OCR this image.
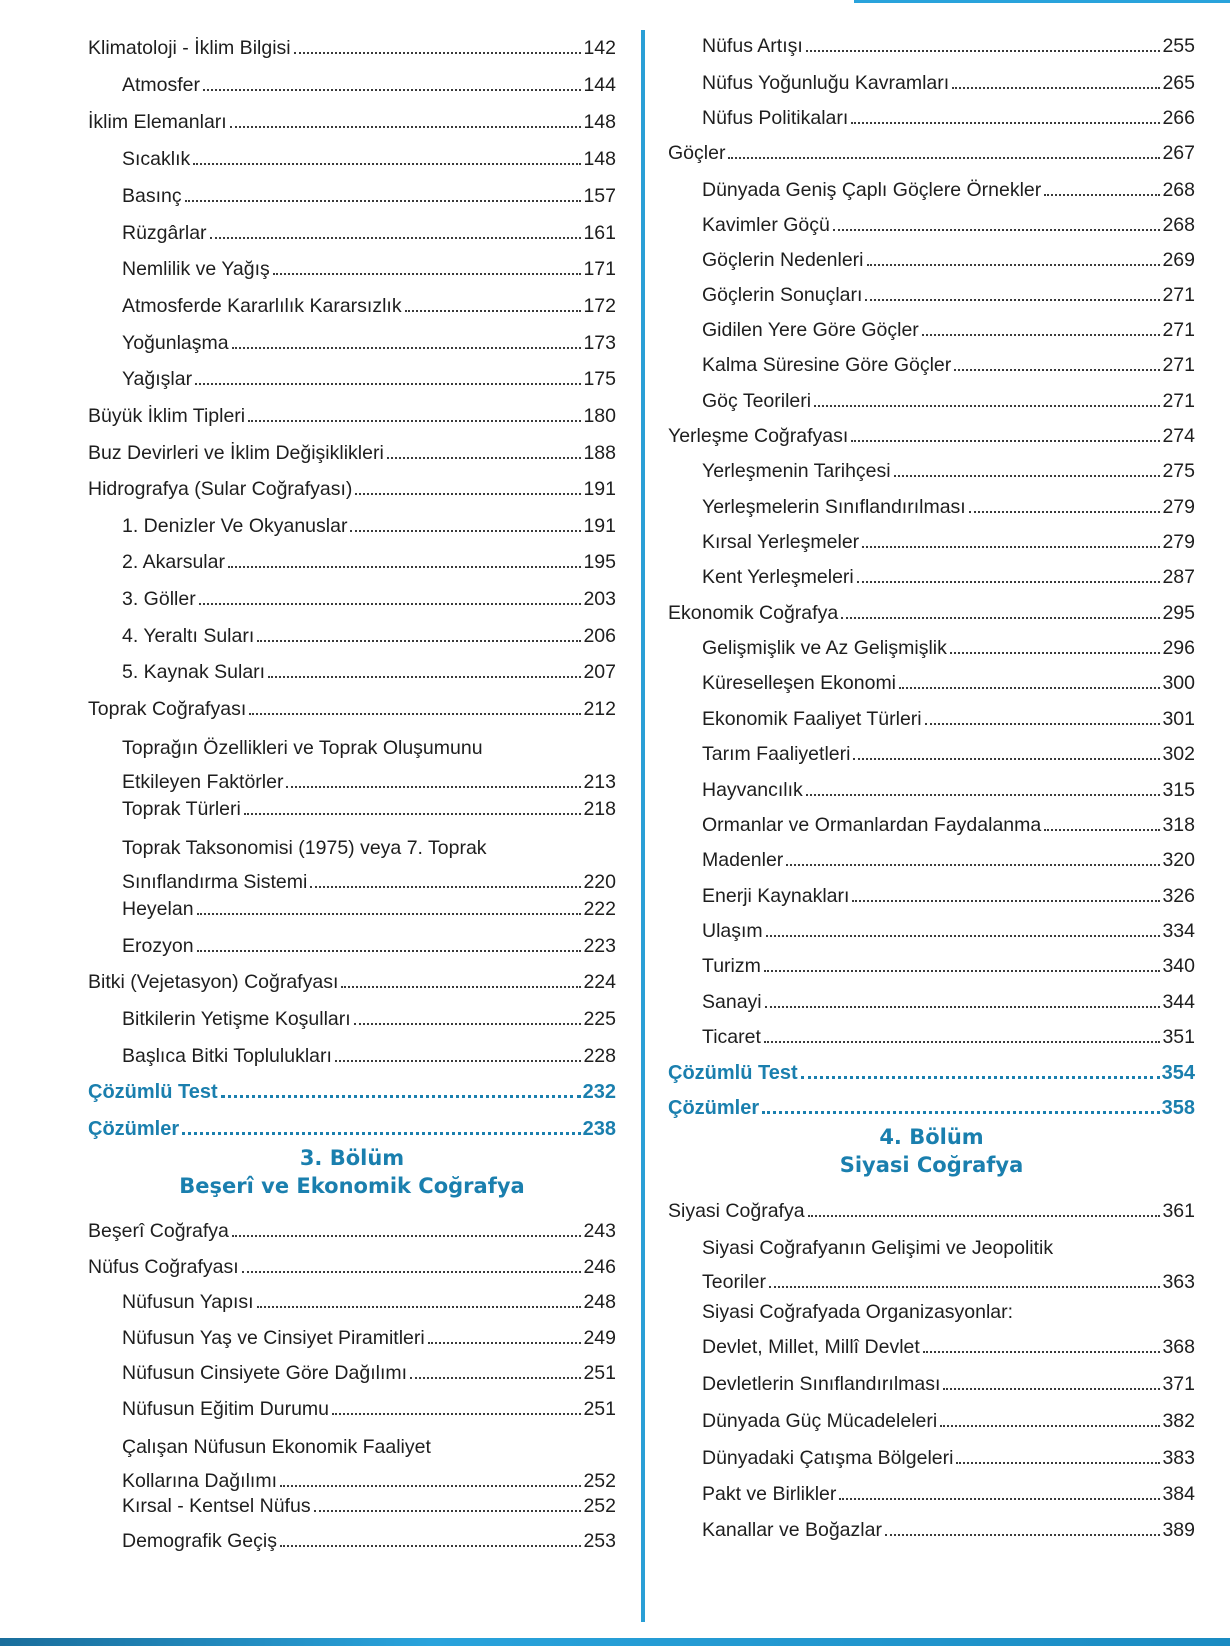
Klimatoloji - İklim Bilgisi	142
Atmosfer	144
İklim Elemanları	148
Sıcaklık	148
Basınç	157
Rüzgârlar	161
Nemlilik ve Yağış	171
Atmosferde Kararlılık Kararsızlık	172
Yoğunlaşma	173
Yağışlar	175
Büyük İklim Tipleri	180
Buz Devirleri ve İklim Değişiklikleri	188
Hidrografya (Sular Coğrafyası)	191
1. Denizler Ve Okyanuslar	191
2. Akarsular	195
3. Göller	203
4. Yeraltı Suları	206
5. Kaynak Suları	207
Toprak Coğrafyası	212
Toprağın Özellikleri ve Toprak Oluşumunu
Etkileyen Faktörler	213
Toprak Türleri	218
Toprak Taksonomisi (1975) veya 7. Toprak
Sınıflandırma Sistemi	220
Heyelan	222
Erozyon	223
Bitki (Vejetasyon) Coğrafyası	224
Bitkilerin Yetişme Koşulları	225
Başlıca Bitki Toplulukları	228
Çözümlü Test	232
Çözümler	238
3. Bölüm
Beşerî ve Ekonomik Coğrafya
Beşerî Coğrafya	243
Nüfus Coğrafyası	246
Nüfusun Yapısı	248
Nüfusun Yaş ve Cinsiyet Piramitleri	249
Nüfusun Cinsiyete Göre Dağılımı	251
Nüfusun Eğitim Durumu	251
Çalışan Nüfusun Ekonomik Faaliyet
Kollarına Dağılımı	252
Kırsal - Kentsel Nüfus	252
Demografik Geçiş	253
Nüfus Artışı	255
Nüfus Yoğunluğu Kavramları	265
Nüfus Politikaları	266
Göçler	267
Dünyada Geniş Çaplı Göçlere Örnekler	268
Kavimler Göçü	268
Göçlerin Nedenleri	269
Göçlerin Sonuçları	271
Gidilen Yere Göre Göçler	271
Kalma Süresine Göre Göçler	271
Göç Teorileri	271
Yerleşme Coğrafyası	274
Yerleşmenin Tarihçesi	275
Yerleşmelerin Sınıflandırılması	279
Kırsal Yerleşmeler	279
Kent Yerleşmeleri	287
Ekonomik Coğrafya	295
Gelişmişlik ve Az Gelişmişlik	296
Küreselleşen Ekonomi	300
Ekonomik Faaliyet Türleri	301
Tarım Faaliyetleri	302
Hayvancılık	315
Ormanlar ve Ormanlardan Faydalanma	318
Madenler	320
Enerji Kaynakları	326
Ulaşım	334
Turizm	340
Sanayi	344
Ticaret	351
Çözümlü Test	354
Çözümler	358
4. Bölüm
Siyasi Coğrafya
Siyasi Coğrafya	361
Siyasi Coğrafyanın Gelişimi ve Jeopolitik
Teoriler	363
Siyasi Coğrafyada Organizasyonlar:
Devlet, Millet, Millî Devlet	368
Devletlerin Sınıflandırılması	371
Dünyada Güç Mücadeleleri	382
Dünyadaki Çatışma Bölgeleri	383
Pakt ve Birlikler	384
Kanallar ve Boğazlar	389
